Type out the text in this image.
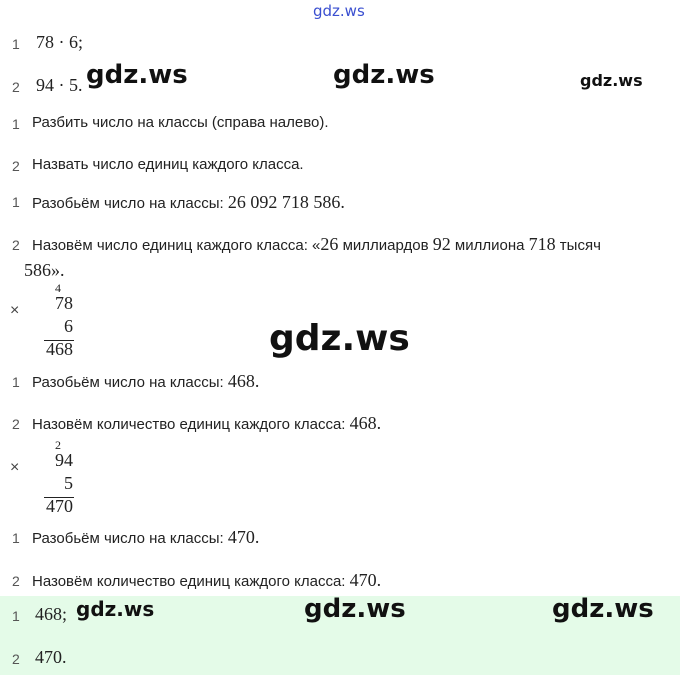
gdz.ws
1 78 · 6;
2 94 · 5. gdz.ws	gdz.ws	gdz.ws
1 Разбить число на классы (справа налево).
2 Назвать число единиц каждого класса.
1 Разобьём число на классы: 26 092 718 586.
2 Назовём число единиц каждого класса: «26 миллиардов 92 миллиона 718 тысяч
586».
×
4
78
6
468	gdz.ws
1 Разобьём число на классы: 468.
2 Назовём количество единиц каждого класса: 468.
×
2
94
5
470
1 Разобьём число на классы: 470.
2 Назовём количество единиц каждого класса: 470.
1 468;
2 470.
gdz.ws	gdz.ws	gdz.ws
